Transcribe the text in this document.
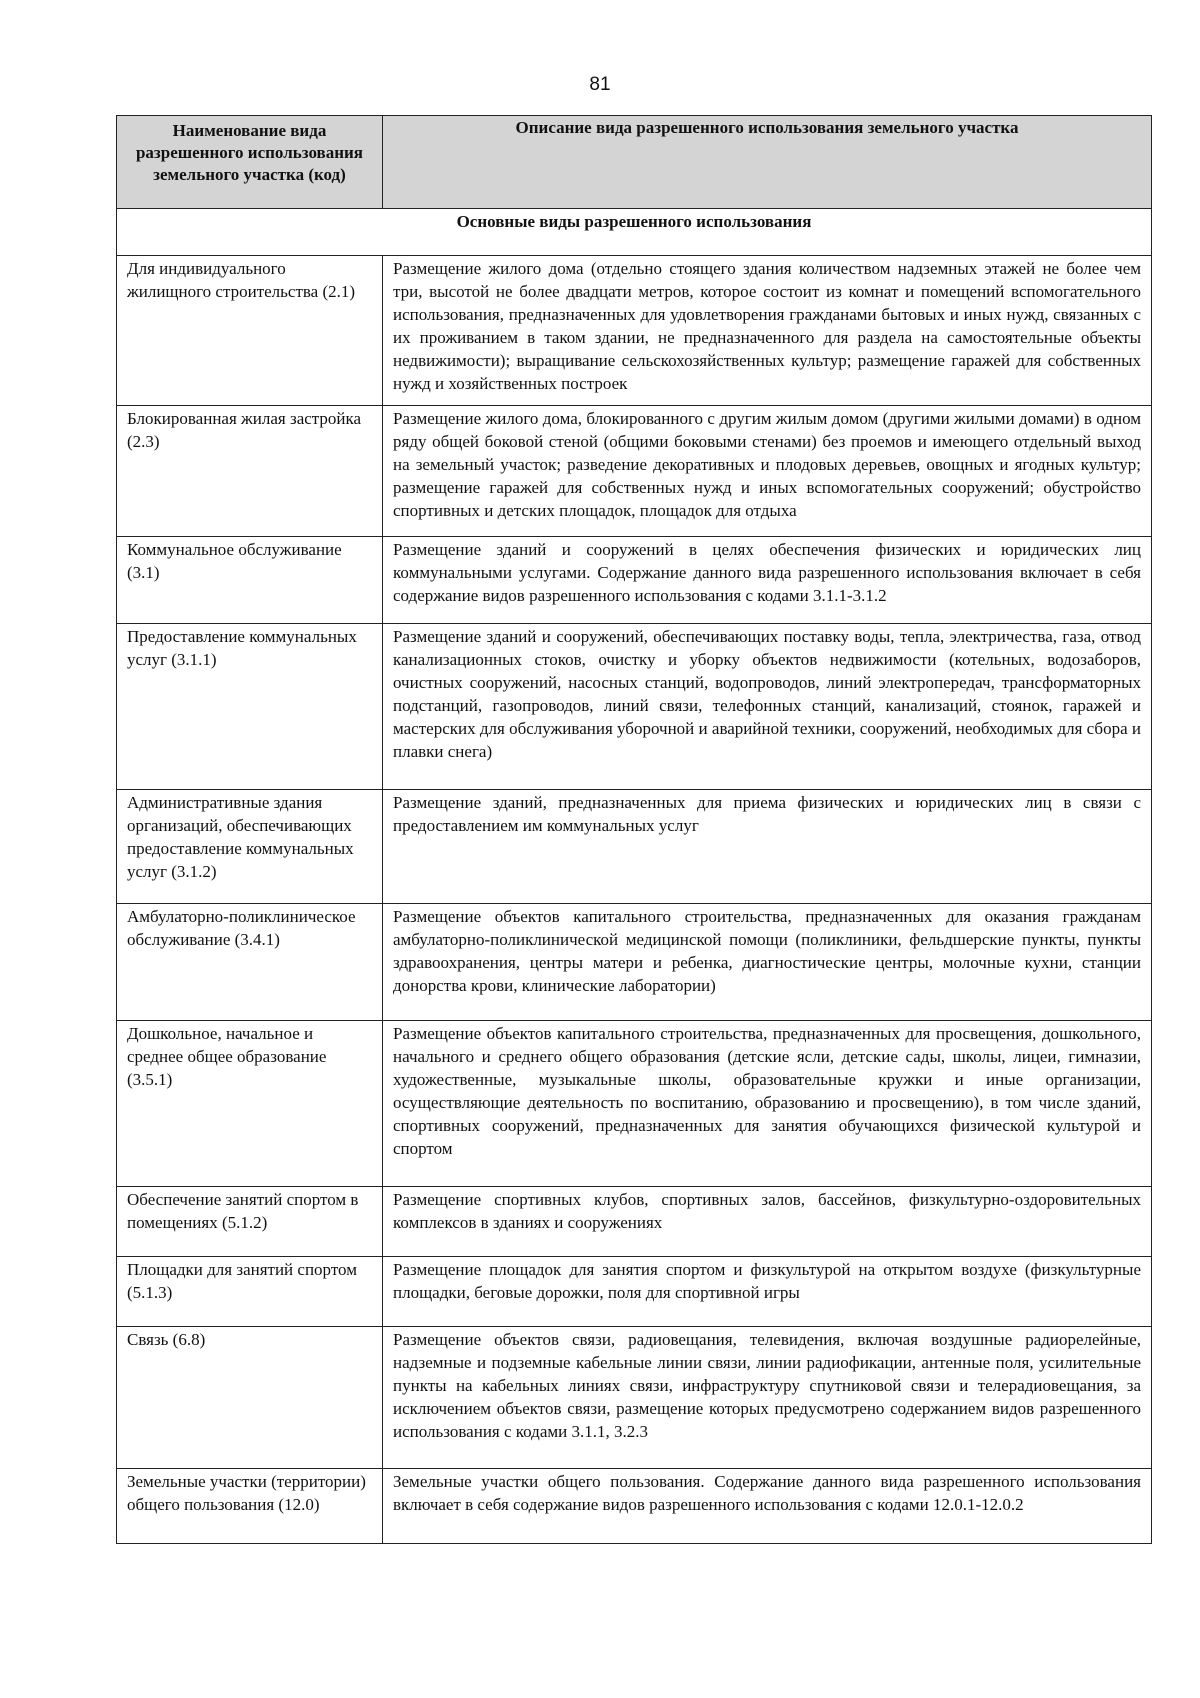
81
Наименование вида разрешенного использования земельного участка (код)	Описание вида разрешенного использования земельного участка
Основные виды разрешенного использования	
Для индивидуального жилищного строительства (2.1)	Размещение жилого дома (отдельно стоящего здания количеством надземных этажей не более чем три, высотой не более двадцати метров, которое состоит из комнат и помещений вспомогательного использования, предназначенных для удовлетворения гражданами бытовых и иных нужд, связанных с их проживанием в таком здании, не предназначенного для раздела на самостоятельные объекты недвижимости); выращивание сельскохозяйственных культур; размещение гаражей для собственных нужд и хозяйственных построек
Блокированная жилая застройка (2.3)	Размещение жилого дома, блокированного с другим жилым домом (другими жилыми домами) в одном ряду общей боковой стеной (общими боковыми стенами) без проемов и имеющего отдельный выход на земельный участок; разведение декоративных и плодовых деревьев, овощных и ягодных культур; размещение гаражей для собственных нужд и иных вспомогательных сооружений; обустройство спортивных и детских площадок, площадок для отдыха
Коммунальное обслуживание (3.1)	Размещение зданий и сооружений в целях обеспечения физических и юридических лиц коммунальными услугами. Содержание данного вида разрешенного использования включает в себя содержание видов разрешенного использования с кодами 3.1.1-3.1.2
Предоставление коммунальных услуг (3.1.1)	Размещение зданий и сооружений, обеспечивающих поставку воды, тепла, электричества, газа, отвод канализационных стоков, очистку и уборку объектов недвижимости (котельных, водозаборов, очистных сооружений, насосных станций, водопроводов, линий электропередач, трансформаторных подстанций, газопроводов, линий связи, телефонных станций, канализаций, стоянок, гаражей и мастерских для обслуживания уборочной и аварийной техники, сооружений, необходимых для сбора и плавки снега)
Административные здания организаций, обеспечивающих предоставление коммунальных услуг (3.1.2)	Размещение зданий, предназначенных для приема физических и юридических лиц в связи с предоставлением им коммунальных услуг
Амбулаторно-поликлиническое обслуживание (3.4.1)	Размещение объектов капитального строительства, предназначенных для оказания гражданам амбулаторно-поликлинической медицинской помощи (поликлиники, фельдшерские пункты, пункты здравоохранения, центры матери и ребенка, диагностические центры, молочные кухни, станции донорства крови, клинические лаборатории)
Дошкольное, начальное и среднее общее образование (3.5.1)	Размещение объектов капитального строительства, предназначенных для просвещения, дошкольного, начального и среднего общего образования (детские ясли, детские сады, школы, лицеи, гимназии, художественные, музыкальные школы, образовательные кружки и иные организации, осуществляющие деятельность по воспитанию, образованию и просвещению), в том числе зданий, спортивных сооружений, предназначенных для занятия обучающихся физической культурой и спортом
Обеспечение занятий спортом в помещениях (5.1.2)	Размещение спортивных клубов, спортивных залов, бассейнов, физкультурно-оздоровительных комплексов в зданиях и сооружениях
Площадки для занятий спортом (5.1.3)	Размещение площадок для занятия спортом и физкультурой на открытом воздухе (физкультурные площадки, беговые дорожки, поля для спортивной игры
Связь (6.8)	Размещение объектов связи, радиовещания, телевидения, включая воздушные радиорелейные, надземные и подземные кабельные линии связи, линии радиофикации, антенные поля, усилительные пункты на кабельных линиях связи, инфраструктуру спутниковой связи и телерадиовещания, за исключением объектов связи, размещение которых предусмотрено содержанием видов разрешенного использования с кодами 3.1.1, 3.2.3
Земельные участки (территории) общего пользования (12.0)	Земельные участки общего пользования. Содержание данного вида разрешенного использования включает в себя содержание видов разрешенного использования с кодами 12.0.1-12.0.2
